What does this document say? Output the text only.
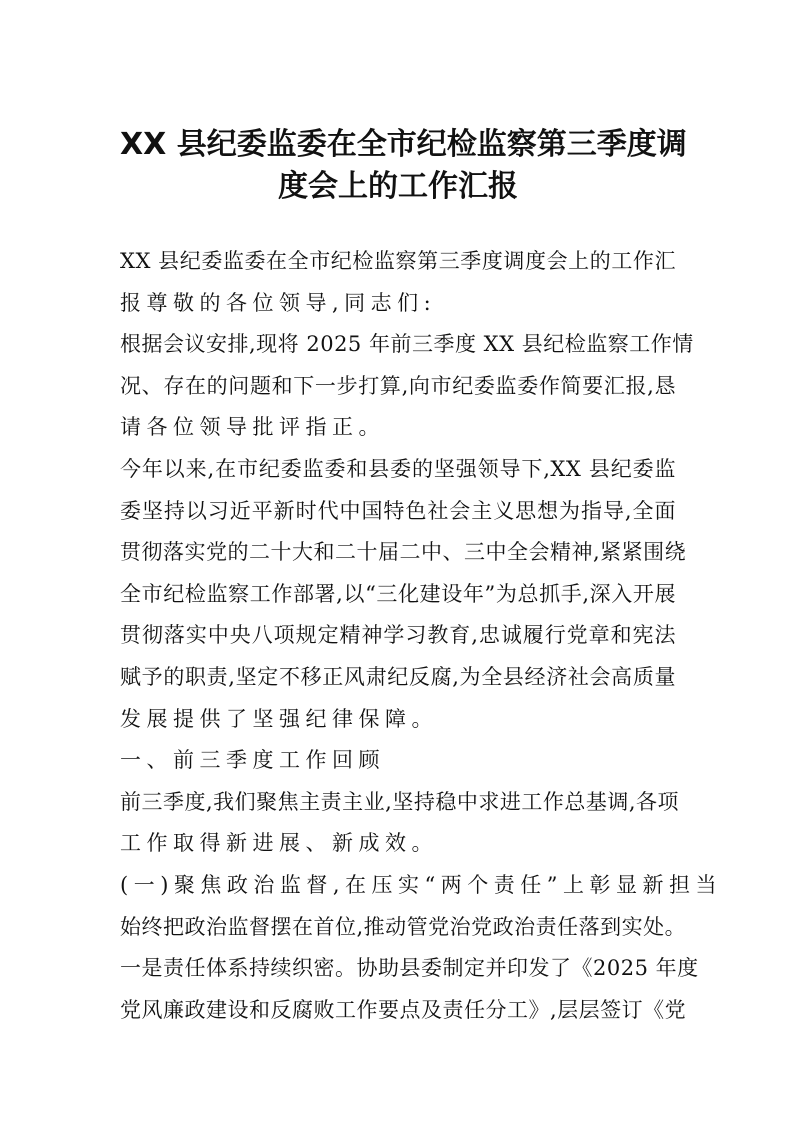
XX 县纪委监委在全市纪检监察第三季度调
度会上的工作汇报
XX 县纪委监委在全市纪检监察第三季度调度会上的工作汇
报尊敬的各位领导,同志们:
根据会议安排,现将 2025 年前三季度 XX 县纪检监察工作情
况、存在的问题和下一步打算,向市纪委监委作简要汇报,恳
请各位领导批评指正。
今年以来,在市纪委监委和县委的坚强领导下,XX 县纪委监
委坚持以习近平新时代中国特色社会主义思想为指导,全面
贯彻落实党的二十大和二十届二中、三中全会精神,紧紧围绕
全市纪检监察工作部署,以“三化建设年”为总抓手,深入开展
贯彻落实中央八项规定精神学习教育,忠诚履行党章和宪法
赋予的职责,坚定不移正风肃纪反腐,为全县经济社会高质量
发展提供了坚强纪律保障。
一、前三季度工作回顾
前三季度,我们聚焦主责主业,坚持稳中求进工作总基调,各项
工作取得新进展、新成效。
(一)聚焦政治监督,在压实“两个责任”上彰显新担当
始终把政治监督摆在首位,推动管党治党政治责任落到实处。
一是责任体系持续织密。协助县委制定并印发了《2025 年度
党风廉政建设和反腐败工作要点及责任分工》,层层签订《党
